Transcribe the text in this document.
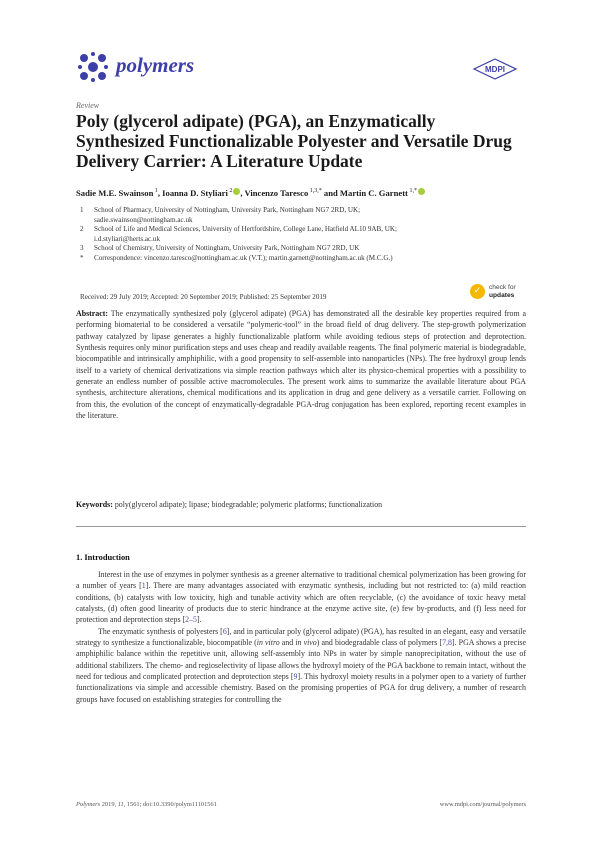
polymers	MDPI
Review
Poly (glycerol adipate) (PGA), an Enzymatically Synthesized Functionalizable Polyester and Versatile Drug Delivery Carrier: A Literature Update
Sadie M.E. Swainson $^1$, Ioanna D. Styliari $^2$ , Vincenzo Taresco $^{1,3,*}$ and Martin C. Garnett $^{1,*}$
1	School of Pharmacy, University of Nottingham, University Park, Nottingham NG7 2RD, UK;
sadie.swainson@nottingham.ac.uk
2	School of Life and Medical Sciences, University of Hertfordshire, College Lane, Hatfield AL10 9AB, UK;
i.d.styliari@herts.ac.uk
3	School of Chemistry, University of Nottingham, University Park, Nottingham NG7 2RD, UK
*	Correspondence: vincenzo.taresco@nottingham.ac.uk (V.T.); martin.garnett@nottingham.ac.uk (M.C.G.)
Received: 29 July 2019; Accepted: 20 September 2019; Published: 25 September 2019
✓	check for
updates
Abstract: The enzymatically synthesized poly (glycerol adipate) (PGA) has demonstrated all the desirable key properties required from a performing biomaterial to be considered a versatile “polymeric-tool” in the broad field of drug delivery. The step-growth polymerization pathway catalyzed by lipase generates a highly functionalizable platform while avoiding tedious steps of protection and deprotection. Synthesis requires only minor purification steps and uses cheap and readily available reagents. The final polymeric material is biodegradable, biocompatible and intrinsically amphiphilic, with a good propensity to self-assemble into nanoparticles (NPs). The free hydroxyl group lends itself to a variety of chemical derivatizations via simple reaction pathways which alter its physico-chemical properties with a possibility to generate an endless number of possible active macromolecules. The present work aims to summarize the available literature about PGA synthesis, architecture alterations, chemical modifications and its application in drug and gene delivery as a versatile carrier. Following on from this, the evolution of the concept of enzymatically-degradable PGA-drug conjugation has been explored, reporting recent examples in the literature.
Keywords: poly(glycerol adipate); lipase; biodegradable; polymeric platforms; functionalization
1. Introduction

Interest in the use of enzymes in polymer synthesis as a greener alternative to traditional chemical polymerization has been growing for a number of years [1]. There are many advantages associated with enzymatic synthesis, including but not restricted to: (a) mild reaction conditions, (b) catalysts with low toxicity, high and tunable activity which are often recyclable, (c) the avoidance of toxic heavy metal catalysts, (d) often good linearity of products due to steric hindrance at the enzyme active site, (e) few by-products, and (f) less need for protection and deprotection steps [2–5].

The enzymatic synthesis of polyesters [6], and in particular poly (glycerol adipate) (PGA), has resulted in an elegant, easy and versatile strategy to synthesize a functionalizable, biocompatible (in vitro and in vivo) and biodegradable class of polymers [7,8]. PGA shows a precise amphiphilic balance within the repetitive unit, allowing self-assembly into NPs in water by simple nanoprecipitation, without the use of additional stabilizers. The chemo- and regioselectivity of lipase allows the hydroxyl moiety of the PGA backbone to remain intact, without the need for tedious and complicated protection and deprotection steps [9]. This hydroxyl moiety results in a polymer open to a variety of further functionalizations via simple and accessible chemistry. Based on the promising properties of PGA for drug delivery, a number of research groups have focused on establishing strategies for controlling the

Polymers 2019, 11, 1561; doi:10.3390/polym11101561	www.mdpi.com/journal/polymers
